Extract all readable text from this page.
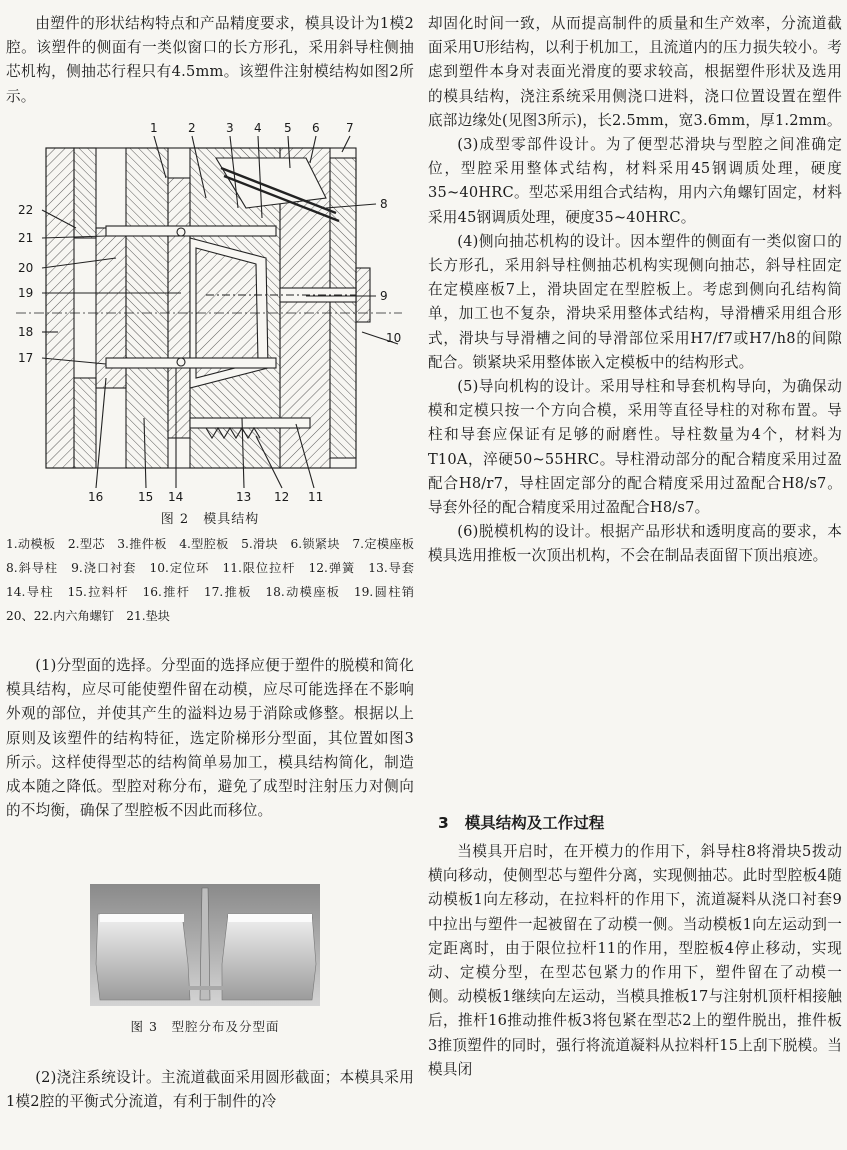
由塑件的形状结构特点和产品精度要求，模具设计为1模2腔。该塑件的侧面有一类似窗口的长方形孔，采用斜导柱侧抽芯机构，侧抽芯行程只有4.5mm。该塑件注射模结构如图2所示。

1	2	3 4 5 6 7
8
9
10
11
12
13
14
15
16
17
18
19
20
21
22
图 2　模具结构
1.动模板　2.型芯　3.推件板　4.型腔板　5.滑块　6.锁紧块　7.定模座板　8.斜导柱　9.浇口衬套　10.定位环　11.限位拉杆　12.弹簧　13.导套　14.导柱　15.拉料杆　16.推杆　17.推板　18.动模座板　19.圆柱销　20、22.内六角螺钉　21.垫块

(1)分型面的选择。分型面的选择应便于塑件的脱模和简化模具结构，应尽可能使塑件留在动模，应尽可能选择在不影响外观的部位，并使其产生的溢料边易于消除或修整。根据以上原则及该塑件的结构特征，选定阶梯形分型面，其位置如图3所示。这样使得型芯的结构简单易加工，模具结构简化，制造成本随之降低。型腔对称分布，避免了成型时注射压力对侧向的不均衡，确保了型腔板不因此而移位。

图 3　型腔分布及分型面

(2)浇注系统设计。主流道截面采用圆形截面；本模具采用1模2腔的平衡式分流道，有利于制件的冷

却固化时间一致，从而提高制件的质量和生产效率，分流道截面采用U形结构，以利于机加工，且流道内的压力损失较小。考虑到塑件本身对表面光滑度的要求较高，根据塑件形状及选用的模具结构，浇注系统采用侧浇口进料，浇口位置设置在塑件底部边缘处(见图3所示)，长2.5mm，宽3.6mm，厚1.2mm。

(3)成型零部件设计。为了便型芯滑块与型腔之间准确定位，型腔采用整体式结构，材料采用45钢调质处理，硬度35~40HRC。型芯采用组合式结构，用内六角螺钉固定，材料采用45钢调质处理，硬度35~40HRC。

(4)侧向抽芯机构的设计。因本塑件的侧面有一类似窗口的长方形孔，采用斜导柱侧抽芯机构实现侧向抽芯，斜导柱固定在定模座板7上，滑块固定在型腔板上。考虑到侧向孔结构简单，加工也不复杂，滑块采用整体式结构，导滑槽采用组合形式，滑块与导滑槽之间的导滑部位采用H7/f7或H7/h8的间隙配合。锁紧块采用整体嵌入定模板中的结构形式。

(5)导向机构的设计。采用导柱和导套机构导向，为确保动模和定模只按一个方向合模，采用等直径导柱的对称布置。导柱和导套应保证有足够的耐磨性。导柱数量为4个，材料为T10A，淬硬50~55HRC。导柱滑动部分的配合精度采用过盈配合H8/r7，导柱固定部分的配合精度采用过盈配合H8/s7。导套外径的配合精度采用过盈配合H8/s7。

(6)脱模机构的设计。根据产品形状和透明度高的要求，本模具选用推板一次顶出机构，不会在制品表面留下顶出痕迹。

3 模具结构及工作过程

当模具开启时，在开模力的作用下，斜导柱8将滑块5拨动横向移动，使侧型芯与塑件分离，实现侧抽芯。此时型腔板4随动模板1向左移动，在拉料杆的作用下，流道凝料从浇口衬套9中拉出与塑件一起被留在了动模一侧。当动模板1向左运动到一定距离时，由于限位拉杆11的作用，型腔板4停止移动，实现动、定模分型，在型芯包紧力的作用下，塑件留在了动模一侧。动模板1继续向左运动，当模具推板17与注射机顶杆相接触后，推杆16推动推件板3将包紧在型芯2上的塑件脱出，推件板3推顶塑件的同时，强行将流道凝料从拉料杆15上刮下脱模。当模具闭
